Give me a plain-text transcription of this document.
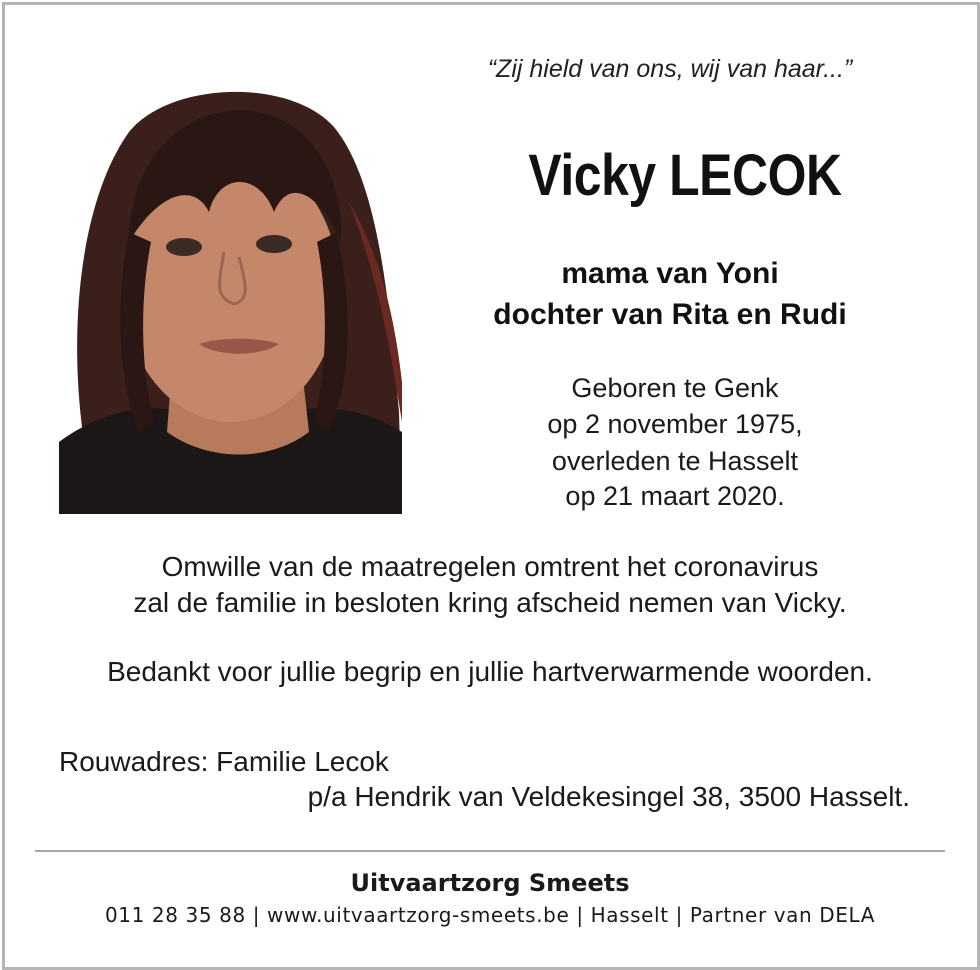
“Zij hield van ons, wij van haar...”
Vicky LECOK
mama van Yoni
dochter van Rita en Rudi
Geboren te Genk
op 2 november 1975,
overleden te Hasselt
op 21 maart 2020.
Omwille van de maatregelen omtrent het coronavirus
zal de familie in besloten kring afscheid nemen van Vicky.
Bedankt voor jullie begrip en jullie hartverwarmende woorden.
Rouwadres: Familie Lecok
p/a Hendrik van Veldekesingel 38, 3500 Hasselt.
Uitvaartzorg Smeets
011 28 35 88 | www.uitvaartzorg-smeets.be | Hasselt | Partner van DELA
